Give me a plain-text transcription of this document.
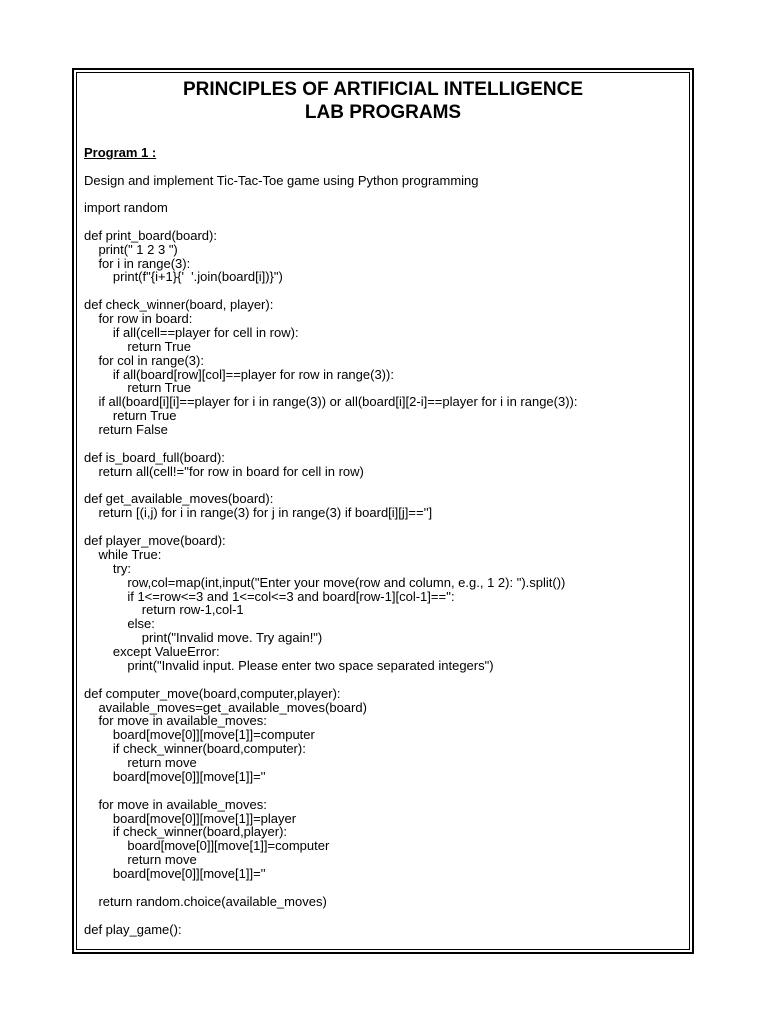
PRINCIPLES OF ARTIFICIAL INTELLIGENCE
LAB PROGRAMS

Program 1 :

Design and implement Tic-Tac-Toe game using Python programming

import random
def print_board(board):
print(" 1 2 3 ")
for i in range(3):
print(f"{i+1}{'  '.join(board[i])}")
def check_winner(board, player):
for row in board:
if all(cell==player for cell in row):
return True
for col in range(3):
if all(board[row][col]==player for row in range(3)):
return True
if all(board[i][i]==player for i in range(3)) or all(board[i][2-i]==player for i in range(3)):
return True
return False
def is_board_full(board):
return all(cell!=''for row in board for cell in row)
def get_available_moves(board):
return [(i,j) for i in range(3) for j in range(3) if board[i][j]=='']
def player_move(board):
while True:
try:
row,col=map(int,input("Enter your move(row and column, e.g., 1 2): ").split())
if 1<=row<=3 and 1<=col<=3 and board[row-1][col-1]=='':
return row-1,col-1
else:
print("Invalid move. Try again!")
except ValueError:
print("Invalid input. Please enter two space separated integers")
def computer_move(board,computer,player):
available_moves=get_available_moves(board)
for move in available_moves:
board[move[0]][move[1]]=computer
if check_winner(board,computer):
return move
board[move[0]][move[1]]=''
for move in available_moves:
board[move[0]][move[1]]=player
if check_winner(board,player):
board[move[0]][move[1]]=computer
return move
board[move[0]][move[1]]=''
return random.choice(available_moves)
def play_game():
